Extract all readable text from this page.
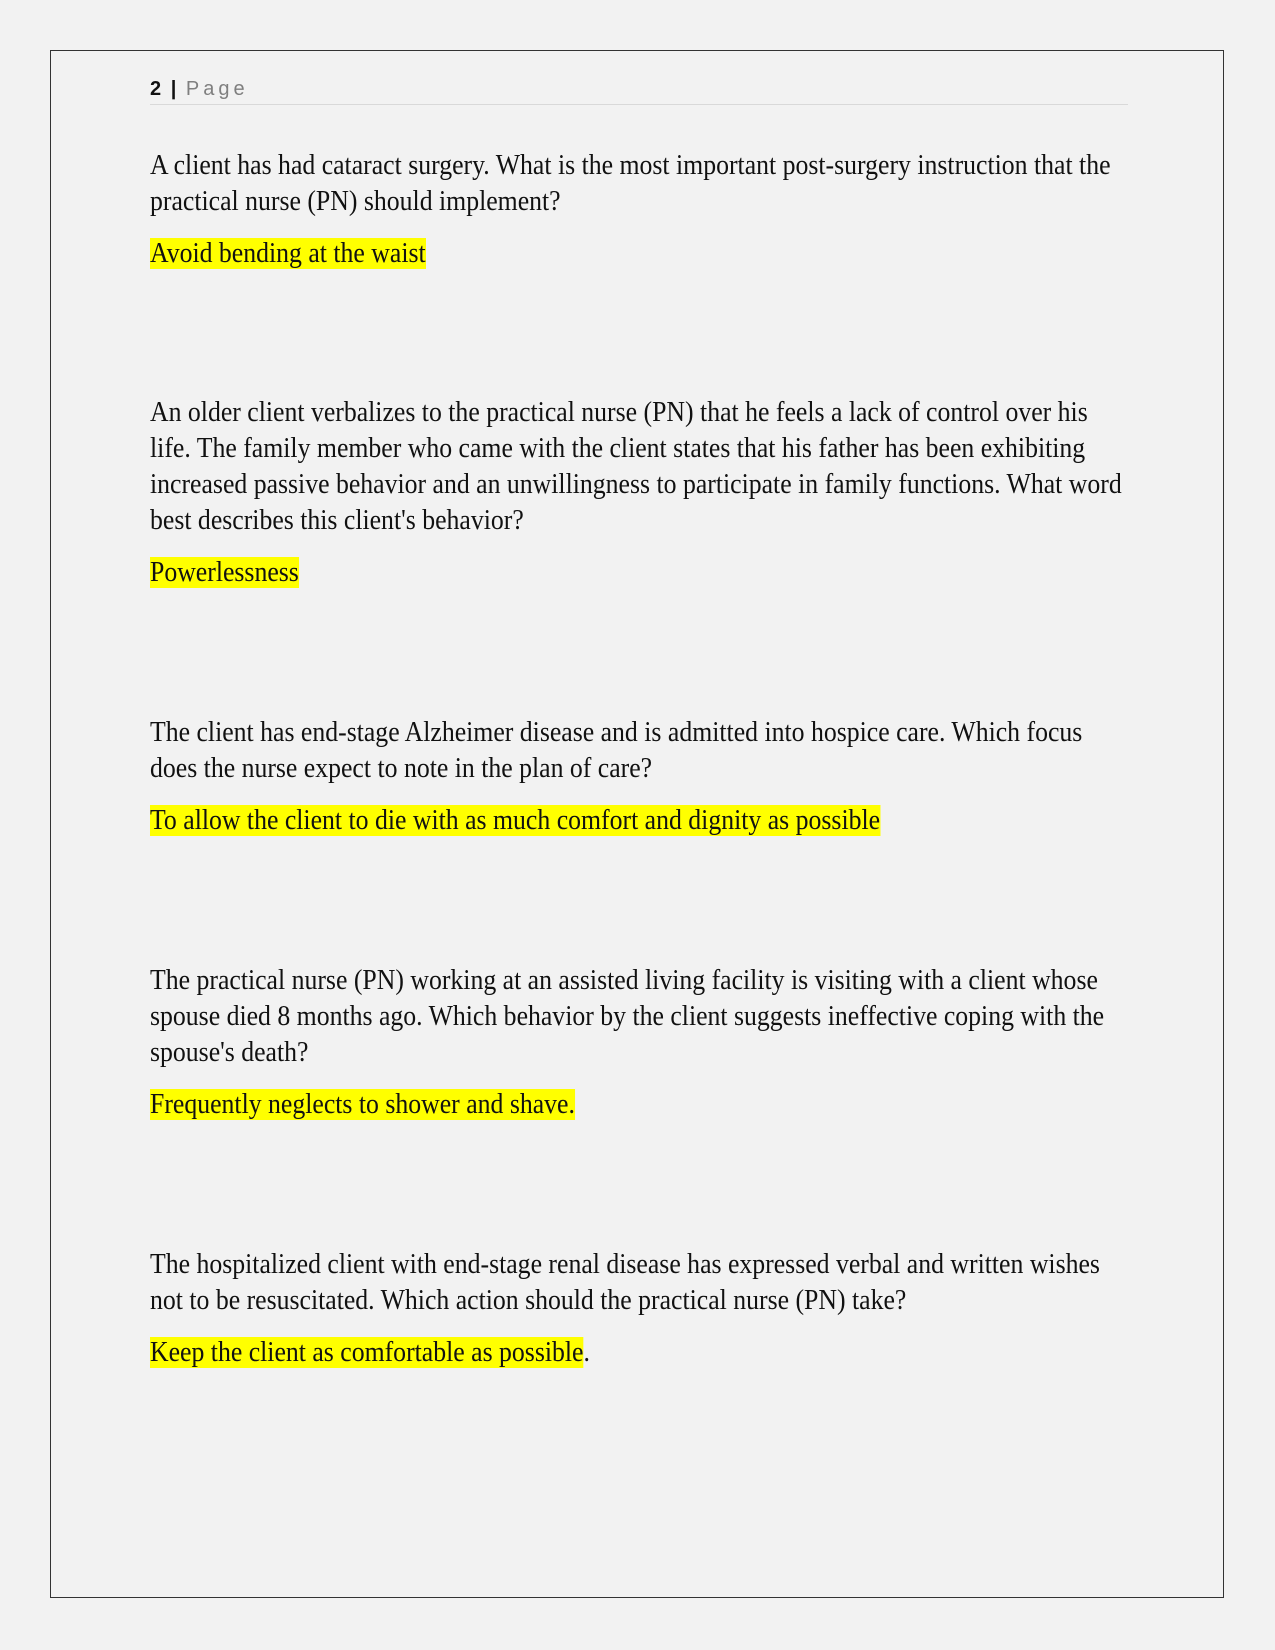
2 | Page

A client has had cataract surgery. What is the most important post-surgery instruction that the practical nurse (PN) should implement?

Avoid bending at the waist

An older client verbalizes to the practical nurse (PN) that he feels a lack of control over his life. The family member who came with the client states that his father has been exhibiting increased passive behavior and an unwillingness to participate in family functions. What word best describes this client's behavior?

Powerlessness

The client has end-stage Alzheimer disease and is admitted into hospice care. Which focus does the nurse expect to note in the plan of care?

To allow the client to die with as much comfort and dignity as possible

The practical nurse (PN) working at an assisted living facility is visiting with a client whose spouse died 8 months ago. Which behavior by the client suggests ineffective coping with the spouse's death?

Frequently neglects to shower and shave.

The hospitalized client with end-stage renal disease has expressed verbal and written wishes not to be resuscitated. Which action should the practical nurse (PN) take?

Keep the client as comfortable as possible.
